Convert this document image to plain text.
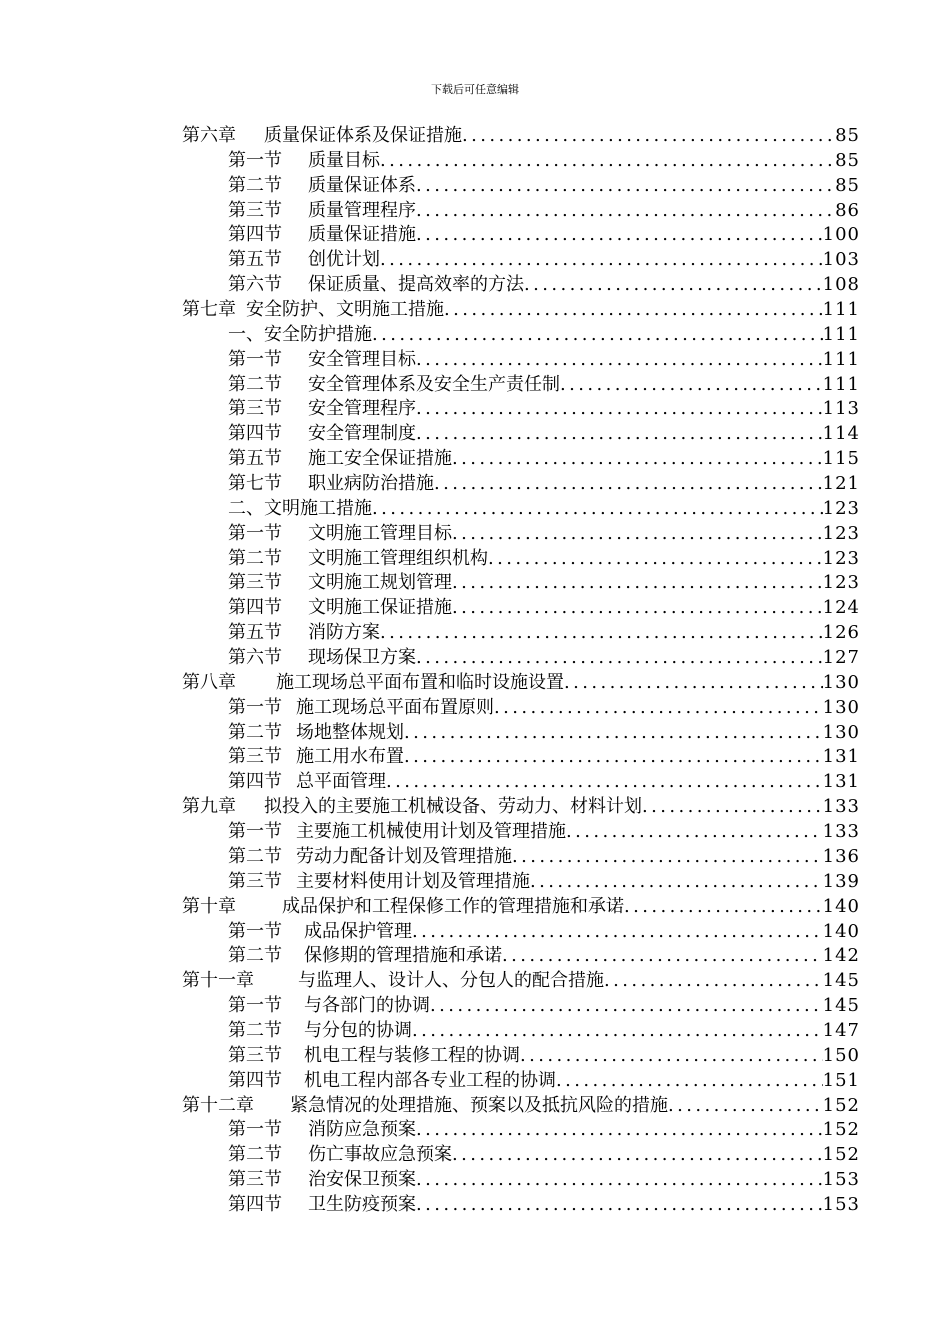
下载后可任意编辑
第六章 质量保证体系及保证措施 .....	85
第一节 质量目标 .....	85
第二节 质量保证体系 .....	85
第三节 质量管理程序 .....	86
第四节 质量保证措施 .....	100
第五节 创优计划 .....	103
第六节 保证质量、提高效率的方法 .....	108
第七章 安全防护、文明施工措施 .....	111
一、安全防护措施 .....	111
第一节 安全管理目标 .....	111
第二节 安全管理体系及安全生产责任制 .....	111
第三节 安全管理程序 .....	113
第四节 安全管理制度 .....	114
第五节 施工安全保证措施 .....	115
第七节 职业病防治措施 .....	121
二、文明施工措施 .....	123
第一节 文明施工管理目标 .....	123
第二节 文明施工管理组织机构 .....	123
第三节 文明施工规划管理 .....	123
第四节 文明施工保证措施 .....	124
第五节 消防方案 .....	126
第六节 现场保卫方案 .....	127
第八章 施工现场总平面布置和临时设施设置 .....	130
第一节 施工现场总平面布置原则 .....	130
第二节 场地整体规划 .....	130
第三节 施工用水布置 .....	131
第四节 总平面管理 .....	131
第九章 拟投入的主要施工机械设备、劳动力、材料计划 .....	133
第一节 主要施工机械使用计划及管理措施 .....	133
第二节 劳动力配备计划及管理措施 .....	136
第三节 主要材料使用计划及管理措施 .....	139
第十章	成品保护和工程保修工作的管理措施和承诺 .....	140
第一节 成品保护管理 .....	140
第二节 保修期的管理措施和承诺 .....	142
第十一章 与监理人、设计人、分包人的配合措施 .....	145
第一节 与各部门的协调 .....	145
第二节 与分包的协调 .....	147
第三节 机电工程与装修工程的协调 .....	150
第四节 机电工程内部各专业工程的协调 .....	151
第十二章 紧急情况的处理措施、预案以及抵抗风险的措施 .....	152
第一节 消防应急预案 .....	152
第二节 伤亡事故应急预案 .....	152
第三节 治安保卫预案 .....	153
第四节 卫生防疫预案 .....	153
